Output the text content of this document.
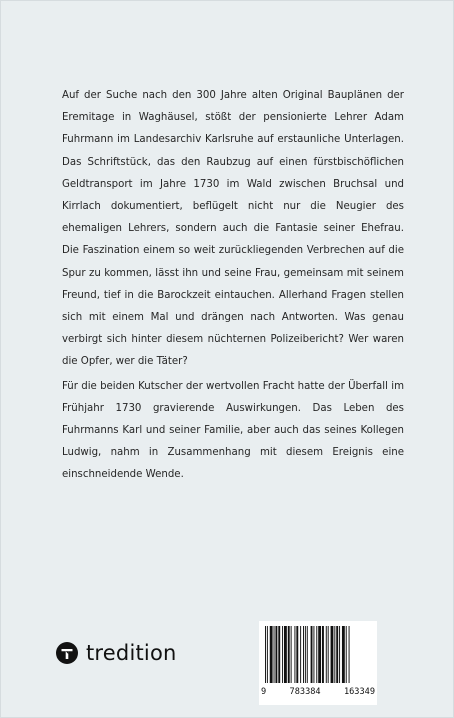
Auf der Suche nach den 300 Jahre alten Original Bauplänen der Eremitage in Waghäusel, stößt der pensionierte Lehrer Adam Fuhrmann im Landesarchiv Karlsruhe auf erstaunliche Unterlagen. Das Schriftstück, das den Raubzug auf einen fürstbischöflichen Geldtransport im Jahre 1730 im Wald zwischen Bruchsal und Kirrlach dokumentiert, beflügelt nicht nur die Neugier des ehemaligen Lehrers, sondern auch die Fantasie seiner Ehefrau. Die Faszination einem so weit zurückliegenden Verbrechen auf die Spur zu kommen, lässt ihn und seine Frau, gemeinsam mit seinem Freund, tief in die Barockzeit eintauchen. Allerhand Fragen stellen sich mit einem Mal und drängen nach Antworten. Was genau verbirgt sich hinter diesem nüchternen Polizeibericht? Wer waren die Opfer, wer die Täter?

Für die beiden Kutscher der wertvollen Fracht hatte der Überfall im Frühjahr 1730 gravierende Auswirkungen. Das Leben des Fuhrmanns Karl und seiner Familie, aber auch das seines Kollegen Ludwig, nahm in Zusammenhang mit diesem Ereignis eine einschneidende Wende.

tredition
9	783384	163349
